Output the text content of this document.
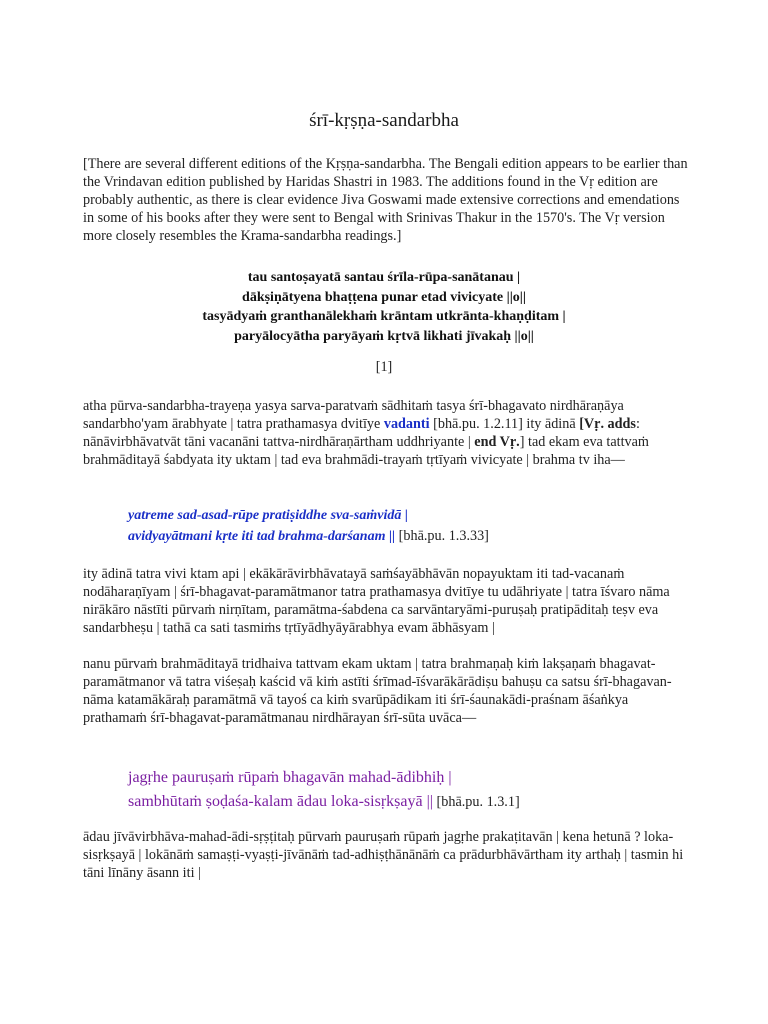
śrī-kṛṣṇa-sandarbha
[There are several different editions of the Kṛṣṇa-sandarbha. The Bengali edition appears to be earlier than the Vrindavan edition published by Haridas Shastri in 1983. The additions found in the Vṛ edition are probably authentic, as there is clear evidence Jiva Goswami made extensive corrections and emendations in some of his books after they were sent to Bengal with Srinivas Thakur in the 1570's. The Vṛ version more closely resembles the Krama-sandarbha readings.]
tau santoṣayatā santau śrīla-rūpa-sanātanau |
dākṣiṇātyena bhaṭṭena punar etad vivicyate ||o||
tasyādyaṁ granthanālekhaṁ krāntam utkrānta-khaṇḍitam |
paryālocyātha paryāyaṁ kṛtvā likhati jīvakaḥ ||o||
[1]
atha pūrva-sandarbha-trayeṇa yasya sarva-paratvaṁ sādhitaṁ tasya śrī-bhagavato nirdhāraṇāya sandarbho'yam ārabhyate | tatra prathamasya dvitīye vadanti [bhā.pu. 1.2.11] ity ādinā [Vṛ. adds: nānāvirbhāvatvāt tāni vacanāni tattva-nirdhāraṇārtham uddhriyante | end Vṛ.] tad ekam eva tattvaṁ brahmāditayā śabdyata ity uktam | tad eva brahmādi-trayaṁ tṛtīyaṁ vivicyate | brahma tv iha—
yatreme sad-asad-rūpe pratiṣiddhe sva-saṁvidā |
avidyayātmani kṛte iti tad brahma-darśanam || [bhā.pu. 1.3.33]
ity ādinā tatra vivi ktam api | ekākārāvirbhāvatayā saṁśayābhāvān nopayuktam iti tad-vacanaṁ nodāharaṇīyam | śrī-bhagavat-paramātmanor tatra prathamasya dvitīye tu udāhriyate | tatra īśvaro nāma nirākāro nāstīti pūrvaṁ nirṇītam, paramātma-śabdena ca sarvāntaryāmi-puruṣaḥ pratipāditaḥ teṣv eva sandarbheṣu | tathā ca sati tasmiṁs tṛtīyādhyāyārabhya evam ābhāsyam |
nanu pūrvaṁ brahmāditayā tridhaiva tattvam ekam uktam | tatra brahmaṇaḥ kiṁ lakṣaṇaṁ bhagavat-paramātmanor vā tatra viśeṣaḥ kaścid vā kiṁ astīti śrīmad-īśvarākārādiṣu bahuṣu ca satsu śrī-bhagavan-nāma katamākāraḥ paramātmā vā tayoś ca kiṁ svarūpādikam iti śrī-śaunakādi-praśnam āśaṅkya prathamaṁ śrī-bhagavat-paramātmanau nirdhārayan śrī-sūta uvāca—
jagṛhe pauruṣaṁ rūpaṁ bhagavān mahad-ādibhiḥ |
sambhūtaṁ ṣoḍaśa-kalam ādau loka-sisṛkṣayā || [bhā.pu. 1.3.1]
ādau jīvāvirbhāva-mahad-ādi-sṛṣṭitaḥ pūrvaṁ pauruṣaṁ rūpaṁ jagṛhe prakaṭitavān | kena hetunā ? loka-sisṛkṣayā | lokānāṁ samaṣṭi-vyaṣṭi-jīvānāṁ tad-adhiṣṭhānānāṁ ca prādurbhāvārtham ity arthaḥ | tasmin hi tāni līnāny āsann iti |
